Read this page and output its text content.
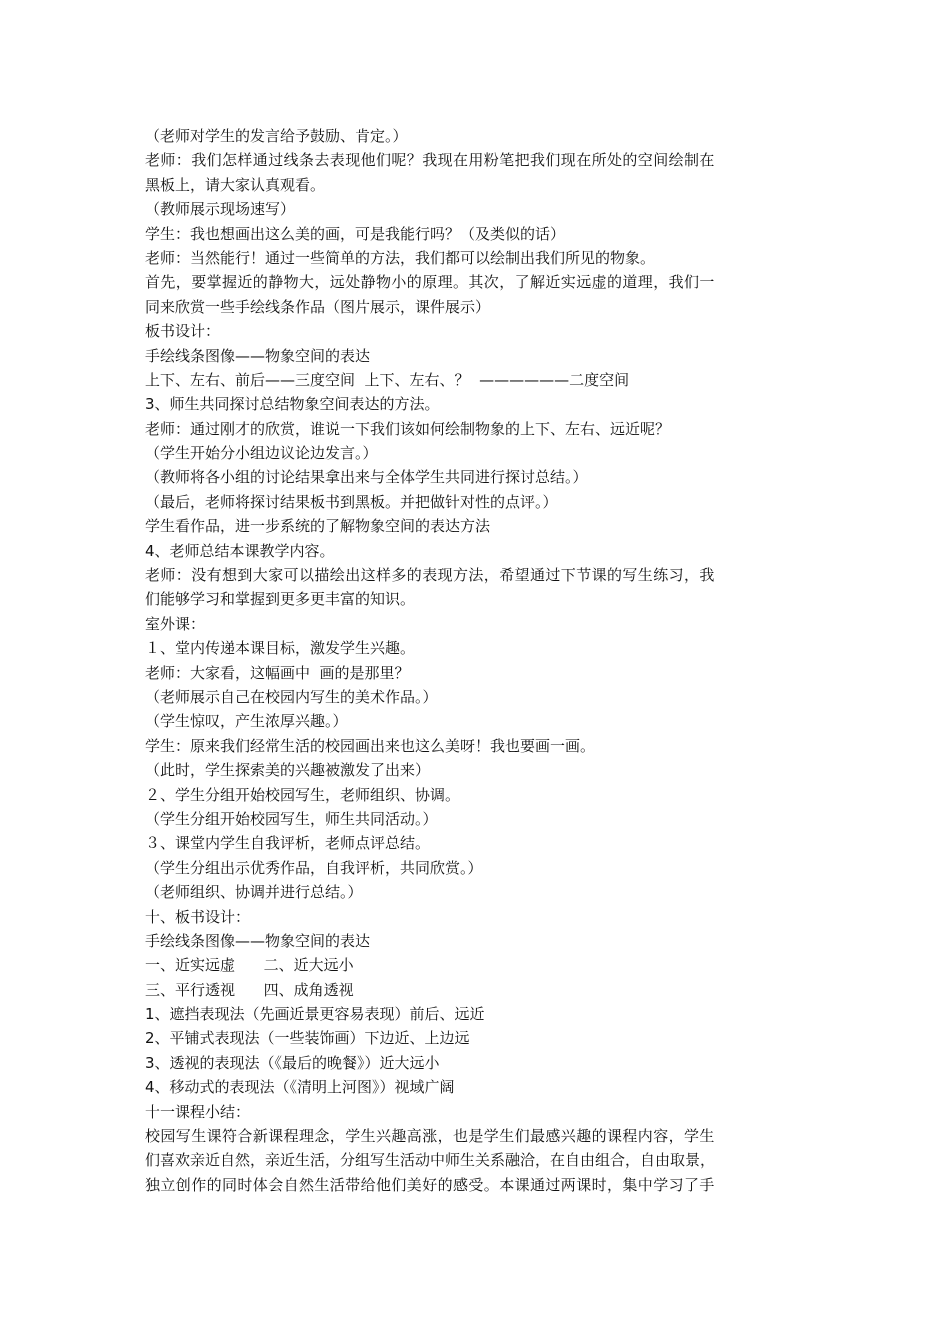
（老师对学生的发言给予鼓励、肯定。）
老师：我们怎样通过线条去表现他们呢？我现在用粉笔把我们现在所处的空间绘制在
黑板上，请大家认真观看。
（教师展示现场速写）
学生：我也想画出这么美的画，可是我能行吗？（及类似的话）
老师：当然能行！通过一些简单的方法，我们都可以绘制出我们所见的物象。
首先，要掌握近的静物大，远处静物小的原理。其次，了解近实远虚的道理，我们一
同来欣赏一些手绘线条作品（图片展示，课件展示）
板书设计：
手绘线条图像——物象空间的表达
上下、左右、前后——三度空间  上下、左右、？  ——————二度空间
3、师生共同探讨总结物象空间表达的方法。
老师：通过刚才的欣赏，谁说一下我们该如何绘制物象的上下、左右、远近呢？
（学生开始分小组边议论边发言。）
（教师将各小组的讨论结果拿出来与全体学生共同进行探讨总结。）
（最后，老师将探讨结果板书到黑板。并把做针对性的点评。）
学生看作品，进一步系统的了解物象空间的表达方法
4、老师总结本课教学内容。
老师：没有想到大家可以描绘出这样多的表现方法，希望通过下节课的写生练习，我
们能够学习和掌握到更多更丰富的知识。
室外课：
１、堂内传递本课目标，激发学生兴趣。
老师：大家看，这幅画中  画的是那里？
（老师展示自己在校园内写生的美术作品。）
（学生惊叹，产生浓厚兴趣。）
学生：原来我们经常生活的校园画出来也这么美呀！我也要画一画。
（此时，学生探索美的兴趣被激发了出来）
２、学生分组开始校园写生，老师组织、协调。
（学生分组开始校园写生，师生共同活动。）
３、课堂内学生自我评析，老师点评总结。
（学生分组出示优秀作品，自我评析，共同欣赏。）
（老师组织、协调并进行总结。）
十、板书设计：
手绘线条图像——物象空间的表达
一、近实远虚      二、近大远小
三、平行透视      四、成角透视
1、遮挡表现法（先画近景更容易表现）前后、远近
2、平铺式表现法（一些装饰画）下边近、上边远
3、透视的表现法（《最后的晚餐》）近大远小
4、移动式的表现法（《清明上河图》）视域广阔
十一课程小结：
校园写生课符合新课程理念，学生兴趣高涨，也是学生们最感兴趣的课程内容，学生
们喜欢亲近自然，亲近生活，分组写生活动中师生关系融洽，在自由组合，自由取景，
独立创作的同时体会自然生活带给他们美好的感受。本课通过两课时，集中学习了手
